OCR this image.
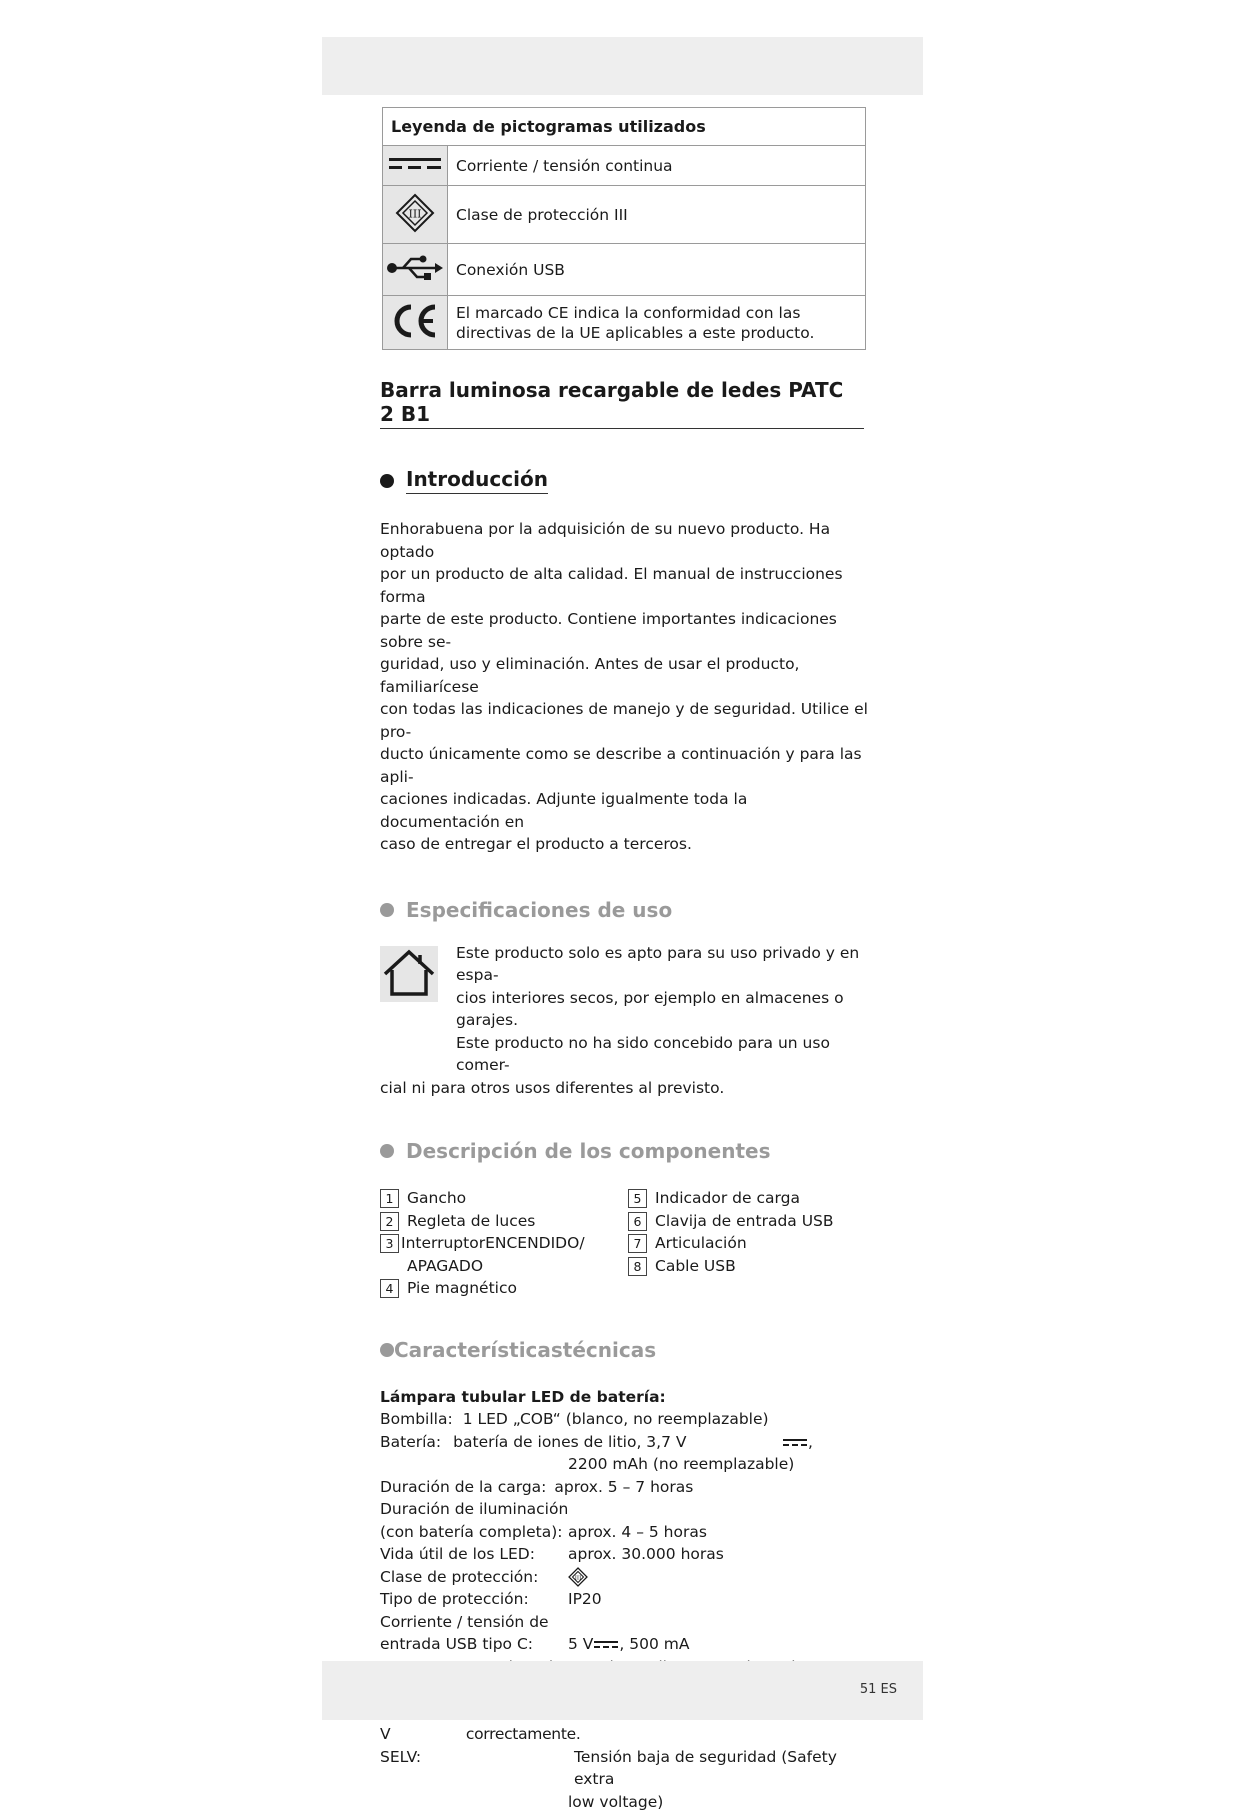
Leyenda de pictogramas utilizados	
	Corriente / tensión continua

III	Clase de protección III
	Conexión USB
	El marcado CE indica la conformidad con las directivas de la UE aplicables a este producto.
Barra luminosa recargable de ledes PATC 2 B1
Introducción

Enhorabuena por la adquisición de su nuevo producto. Ha optado

por un producto de alta calidad. El manual de instrucciones forma

parte de este producto. Contiene importantes indicaciones sobre se-

guridad, uso y eliminación. Antes de usar el producto, familiarícese

con todas las indicaciones de manejo y de seguridad. Utilice el pro-

ducto únicamente como se describe a continuación y para las apli-

caciones indicadas. Adjunte igualmente toda la documentación en

caso de entregar el producto a terceros.

Especificaciones de uso

Este producto solo es apto para su uso privado y en espa-

cios interiores secos, por ejemplo en almacenes o garajes.

Este producto no ha sido concebido para un uso comer-

cial ni para otros usos diferentes al previsto.

Descripción de los componentes
1 Gancho
2 Regleta de luces
3 InterruptorENCENDIDO/
APAGADO
4 Pie magnético
5 Indicador de carga
6 Clavija de entrada USB
7 Articulación
8 Cable USB
Característicastécnicas
Lámpara tubular LED de batería:
Bombilla: 1 LED „COB“ (blanco, no reemplazable)
Batería: batería de iones de litio, 3,7 V	,
2200 mAh (no reemplazable)
Duración de la carga: aprox. 5 – 7 horas
Duración de iluminación
(con batería completa): aprox. 4 – 5 horas
Vida útil de los LED:	aprox. 30.000 horas
Clase de protección:	III
Tipo de protección:	IP20
Corriente / tensión de
entrada USB tipo C:	5 V , 500 mA
V	correctamente.
SELV:	Tensión baja de seguridad (Safety extra
low voltage)
51 ES
